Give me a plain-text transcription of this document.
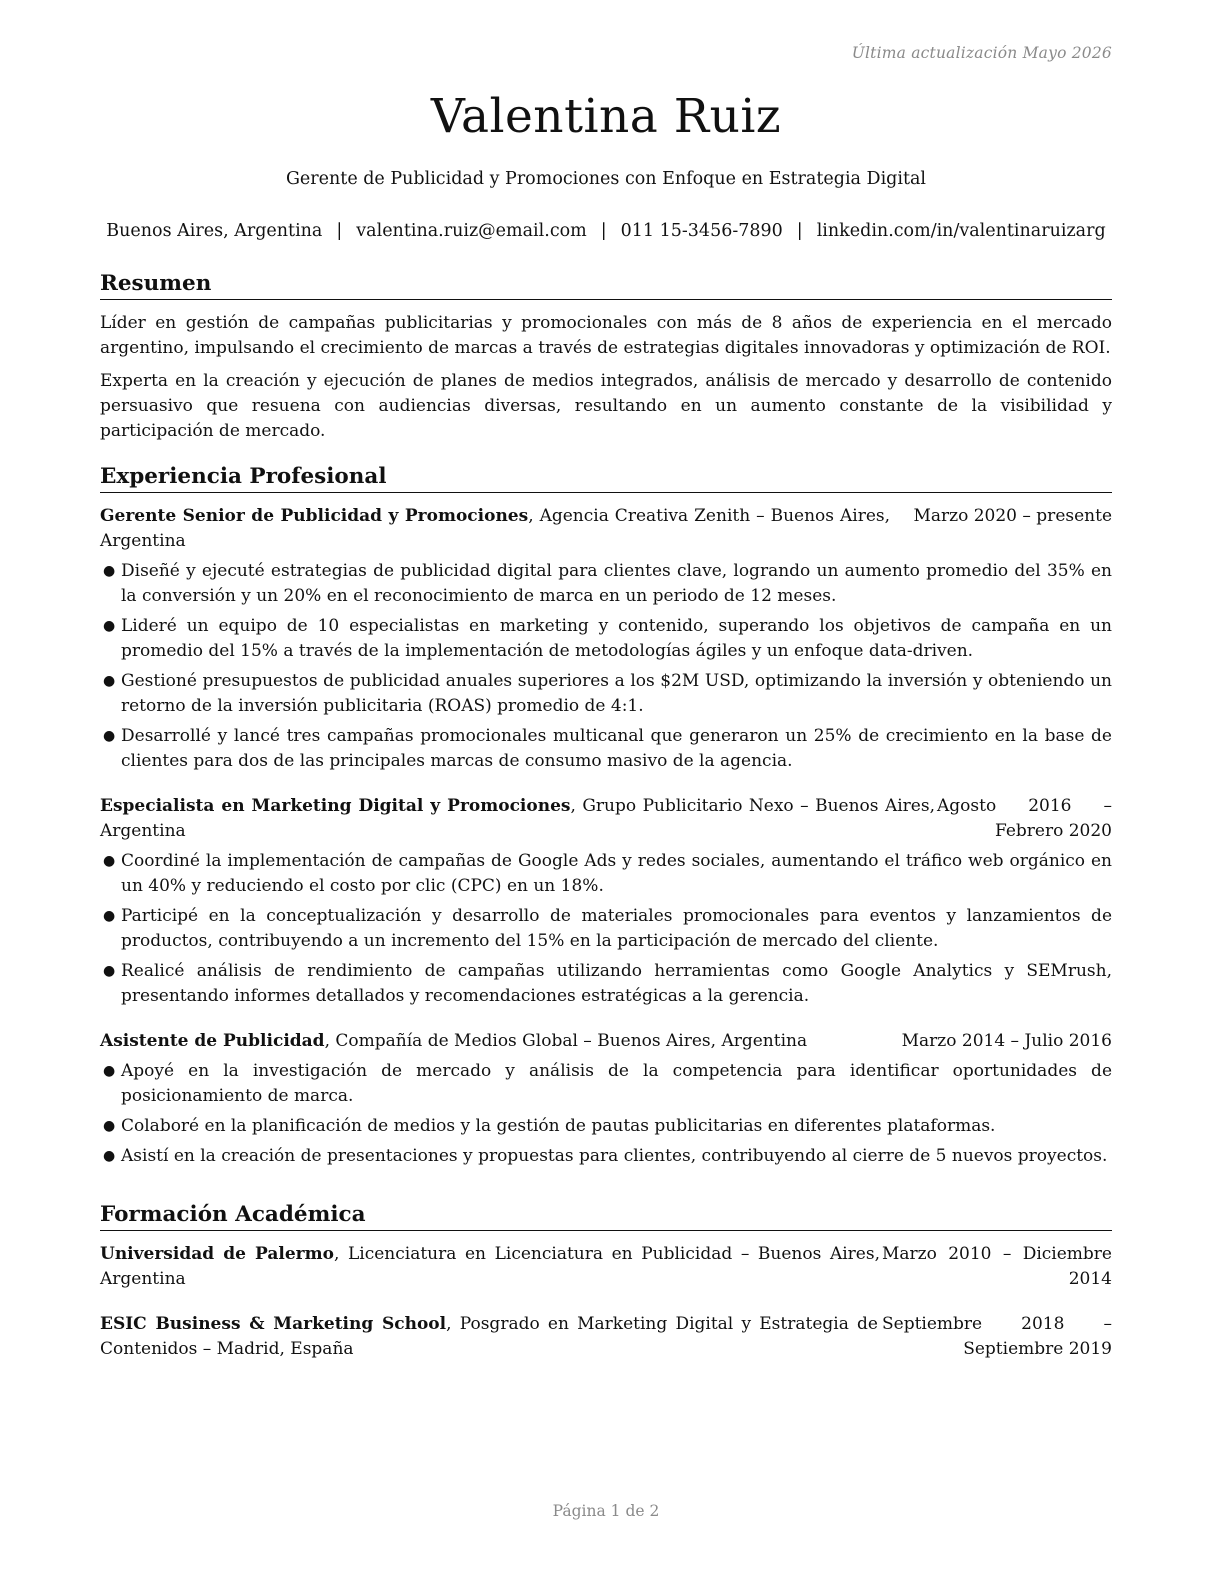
Última actualización Mayo 2026
Valentina Ruiz
Gerente de Publicidad y Promociones con Enfoque en Estrategia Digital
Buenos Aires, Argentina | valentina.ruiz@email.com | 011 15-3456-7890 | linkedin.com/in/valentinaruizarg
Resumen

Líder en gestión de campañas publicitarias y promocionales con más de 8 años de experiencia en el mercado argentino, impulsando el crecimiento de marcas a través de estrategias digitales innovadoras y optimización de ROI.

Experta en la creación y ejecución de planes de medios integrados, análisis de mercado y desarrollo de contenido persuasivo que resuena con audiencias diversas, resultando en un aumento constante de la visibilidad y participación de mercado.

Experiencia Profesional
Gerente Senior de Publicidad y Promociones, Agencia Creativa Zenith – Buenos Aires, Argentina
Marzo 2020 – presente
● Diseñé y ejecuté estrategias de publicidad digital para clientes clave, logrando un aumento promedio del 35% en la conversión y un 20% en el reconocimiento de marca en un periodo de 12 meses.
● Lideré un equipo de 10 especialistas en marketing y contenido, superando los objetivos de campaña en un promedio del 15% a través de la implementación de metodologías ágiles y un enfoque data-driven.
● Gestioné presupuestos de publicidad anuales superiores a los $2M USD, optimizando la inversión y obteniendo un retorno de la inversión publicitaria (ROAS) promedio de 4:1.
● Desarrollé y lancé tres campañas promocionales multicanal que generaron un 25% de crecimiento en la base de clientes para dos de las principales marcas de consumo masivo de la agencia.
Especialista en Marketing Digital y Promociones, Grupo Publicitario Nexo – Buenos Aires, Argentina
Agosto 2016 – Febrero 2020
● Coordiné la implementación de campañas de Google Ads y redes sociales, aumentando el tráfico web orgánico en un 40% y reduciendo el costo por clic (CPC) en un 18%.
● Participé en la conceptualización y desarrollo de materiales promocionales para eventos y lanzamientos de productos, contribuyendo a un incremento del 15% en la participación de mercado del cliente.
● Realicé análisis de rendimiento de campañas utilizando herramientas como Google Analytics y SEMrush, presentando informes detallados y recomendaciones estratégicas a la gerencia.
Asistente de Publicidad, Compañía de Medios Global – Buenos Aires, Argentina	Marzo 2014 – Julio 2016
● Apoyé en la investigación de mercado y análisis de la competencia para identificar oportunidades de posicionamiento de marca.
● Colaboré en la planificación de medios y la gestión de pautas publicitarias en diferentes plataformas.
● Asistí en la creación de presentaciones y propuestas para clientes, contribuyendo al cierre de 5 nuevos proyectos.
Formación Académica
Universidad de Palermo, Licenciatura en Licenciatura en Publicidad – Buenos Aires, Argentina
Marzo 2010 – Diciembre 2014
ESIC Business & Marketing School, Posgrado en Marketing Digital y Estrategia de Contenidos – Madrid, España
Septiembre 2018 – Septiembre 2019
Página 1 de 2
